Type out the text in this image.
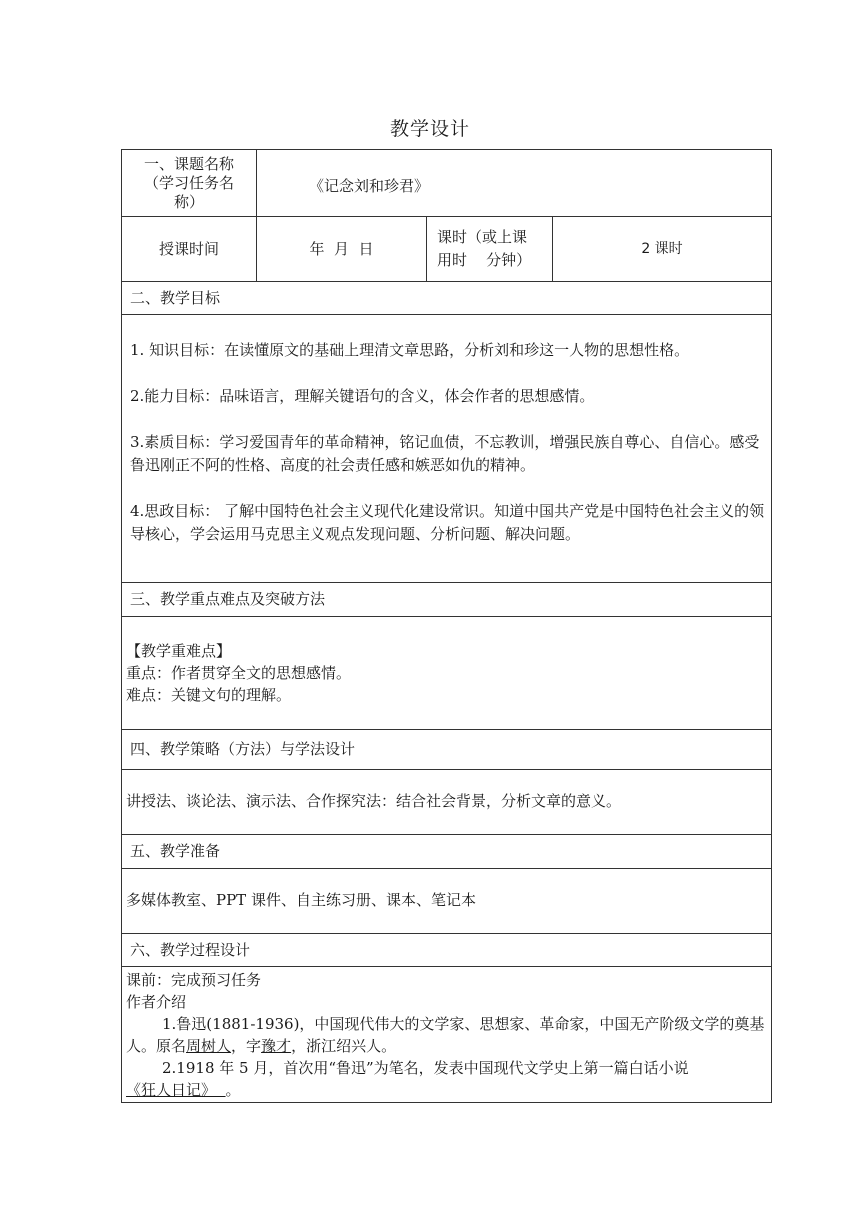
教学设计
一、课题名称
（学习任务名
称）
《记念刘和珍君》
授课时间	年  月  日
课时（或上课
用时    分钟）
2 课时
二、教学目标
1. 知识目标：在读懂原文的基础上理清文章思路，分析刘和珍这一人物的思想性格。
2.能力目标：品味语言，理解关键语句的含义，体会作者的思想感情。
3.素质目标：学习爱国青年的革命精神，铭记血债，不忘教训，增强民族自尊心、自信心。感受鲁迅刚正不阿的性格、高度的社会责任感和嫉恶如仇的精神。
4.思政目标： 了解中国特色社会主义现代化建设常识。知道中国共产党是中国特色社会主义的领导核心，学会运用马克思主义观点发现问题、分析问题、解决问题。
三、教学重点难点及突破方法
【教学重难点】
重点：作者贯穿全文的思想感情。
难点：关键文句的理解。
四、教学策略（方法）与学法设计
讲授法、谈论法、演示法、合作探究法：结合社会背景，分析文章的意义。
五、教学准备
多媒体教室、PPT 课件、自主练习册、课本、笔记本
六、教学过程设计
课前：完成预习任务
作者介绍
1.鲁迅(1881-1936)，中国现代伟大的文学家、思想家、革命家，中国无产阶级文学的奠基人。原名周树人，字豫才，浙江绍兴人。
2.1918 年 5 月，首次用“鲁迅”为笔名，发表中国现代文学史上第一篇白话小说《狂人日记》  。
